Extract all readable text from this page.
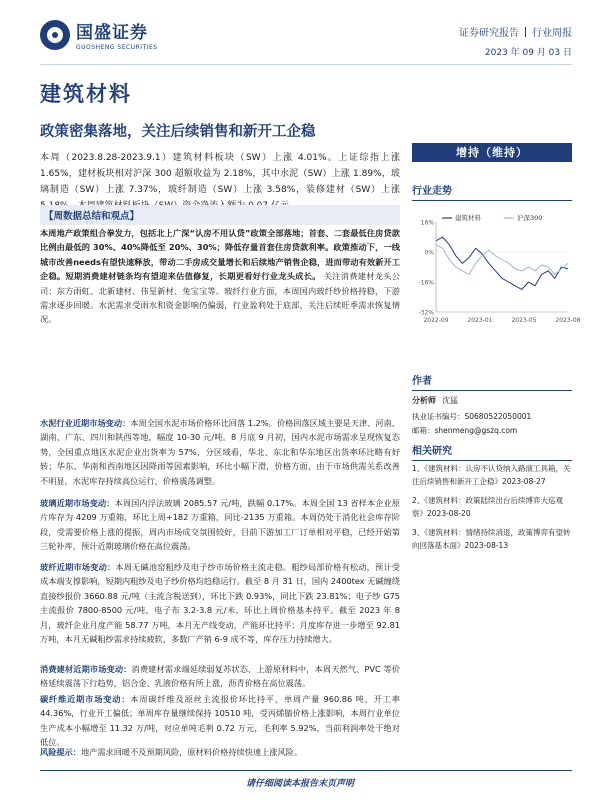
国盛证券
GUOSHENG SECURITIES
证券研究报告 行业周报
2023 年 09 月 03 日
建筑材料
政策密集落地，关注后续销售和新开工企稳
增持（维持）
本周（2023.8.28-2023.9.1）建筑材料板块（SW）上涨 4.01%。上证综指上涨 1.65%，建材板块相对沪深 300 超额收益为 2.18%，其中水泥（SW）上涨 1.89%，玻璃制造（SW）上涨 7.37%，玻纤制造（SW）上涨 3.58%，装修建材（SW）上涨
【周数据总结和观点】
本周地产政策组合拳发力，包括北上广深“认房不用认贷”政策全部落地；首套、二套最低住房贷款比例由最低的 30%、40%降低至 20%、30%；降低存量首套住房贷款利率。政策推动下，一线城市改善needs有望快速释放，带动二手房成交量增长和后续地产销售企稳，进而带动有效新开工企稳。短期消费建材链条均有望迎来估值修复，长期更看好行业龙头成长。 关注消费建材龙头公司：东方雨虹、北新建材、伟星新材、兔宝宝等。玻纤行业方面，本周国内玻纤纱价格持稳，下游需求逐步回暖。水泥需求受雨水和资金影响仍偏弱，行业盈利处于底部，关注后续旺季需求恢复情况。
水泥行业近期市场变动：本周全国水泥市场价格环比回落 1.2%。价格回落区域主要是天津、河南、湖南、广东、四川和陕西等地，幅度 10-30 元/吨。8 月底 9 月初，国内水泥市场需求呈现恢复态势，全国重点地区水泥企业出货率为 57%，分区域看，华北、东北和华东地区出货率环比略有好转；华东、华南和西南地区因降雨等因素影响，环比小幅下滑，价格方面，由于市场供需关系改善不明显，水泥库存持续高位运行，价格震荡调整。
玻璃近期市场变动：本周国内浮法玻璃 2085.57 元/吨，跌幅 0.17%。本周全国 13 省样本企业原片库存为 4209 万重箱，环比上周+182 万重箱，同比-2135 万重箱。本周仍处于消化社会库存阶段，受需要价格上涨的提振，周内市场成交氛围较好，目前下游加工厂订单相对平稳，已经开始第三轮补库，预计近期玻璃价格在高位震荡。
玻纤近期市场变动：本周无碱池窑粗纱及电子纱市场价格主流走稳。粗纱局部价格有松动，预计受成本端支撑影响，短期内粗纱及电子纱价格均趋稳运行。截至 8 月 31 日，国内 2400tex 无碱缠绕直接纱报价 3660.88 元/吨（主流含税送到），环比下跌 0.93%，同比下跌 23.81%；电子纱 G75 主流报价 7800-8500 元/吨，电子布 3.2-3.8 元/米，环比上周价格基本持平。截至 2023 年 8 月，玻纤企业月度产能 58.77 万吨，本月无产线变动，产能环比持平；月度库存进一步增至 92.81 万吨，本月无碱粗纱需求持续疲软，多数厂产销 6-9 成不等，库存压力持续增大。
消费建材近期市场变动：消费建材需求端延续弱复苏状态，上游原材料中，本周天然气、PVC 等价格延续震荡下行趋势，铝合金、乳液价格有所上涨，沥青价格在高位震荡。
碳纤维近期市场变动：本周碳纤维及原丝主流报价环比持平，单周产量 960.86 吨，开工率 44.36%，行业开工偏低；单周库存量继续保持 10510 吨，受丙烯腈价格上涨影响，本周行业单位生产成本小幅增至 11.32 万/吨，对应单吨毛利 0.72 万元，毛利率 5.92%，当前利润率处于绝对低位。
风险提示：地产需求回暖不及预期风险，原材料价格持续快速上涨风险。
行业走势
16%
0%
-16%
-32%
2022-09	2023-01	2023-05	2023-08
建筑材料	沪深300
作者
分析师 沈猛
执业证书编号：S0680522050001
邮箱：shenmeng@gszq.com
相关研究
1、《建筑材料：认房不认贷纳入路演工具箱，关注后续销售和新开工企稳》2023-08-27
2、《建筑材料：政策陆续出台后续博弈大巡观察》2023-08-20
3、《建筑材料：情绪持续消退，政策博弈有望转向回落基本面》2023-08-13
请仔细阅读本报告末页声明
